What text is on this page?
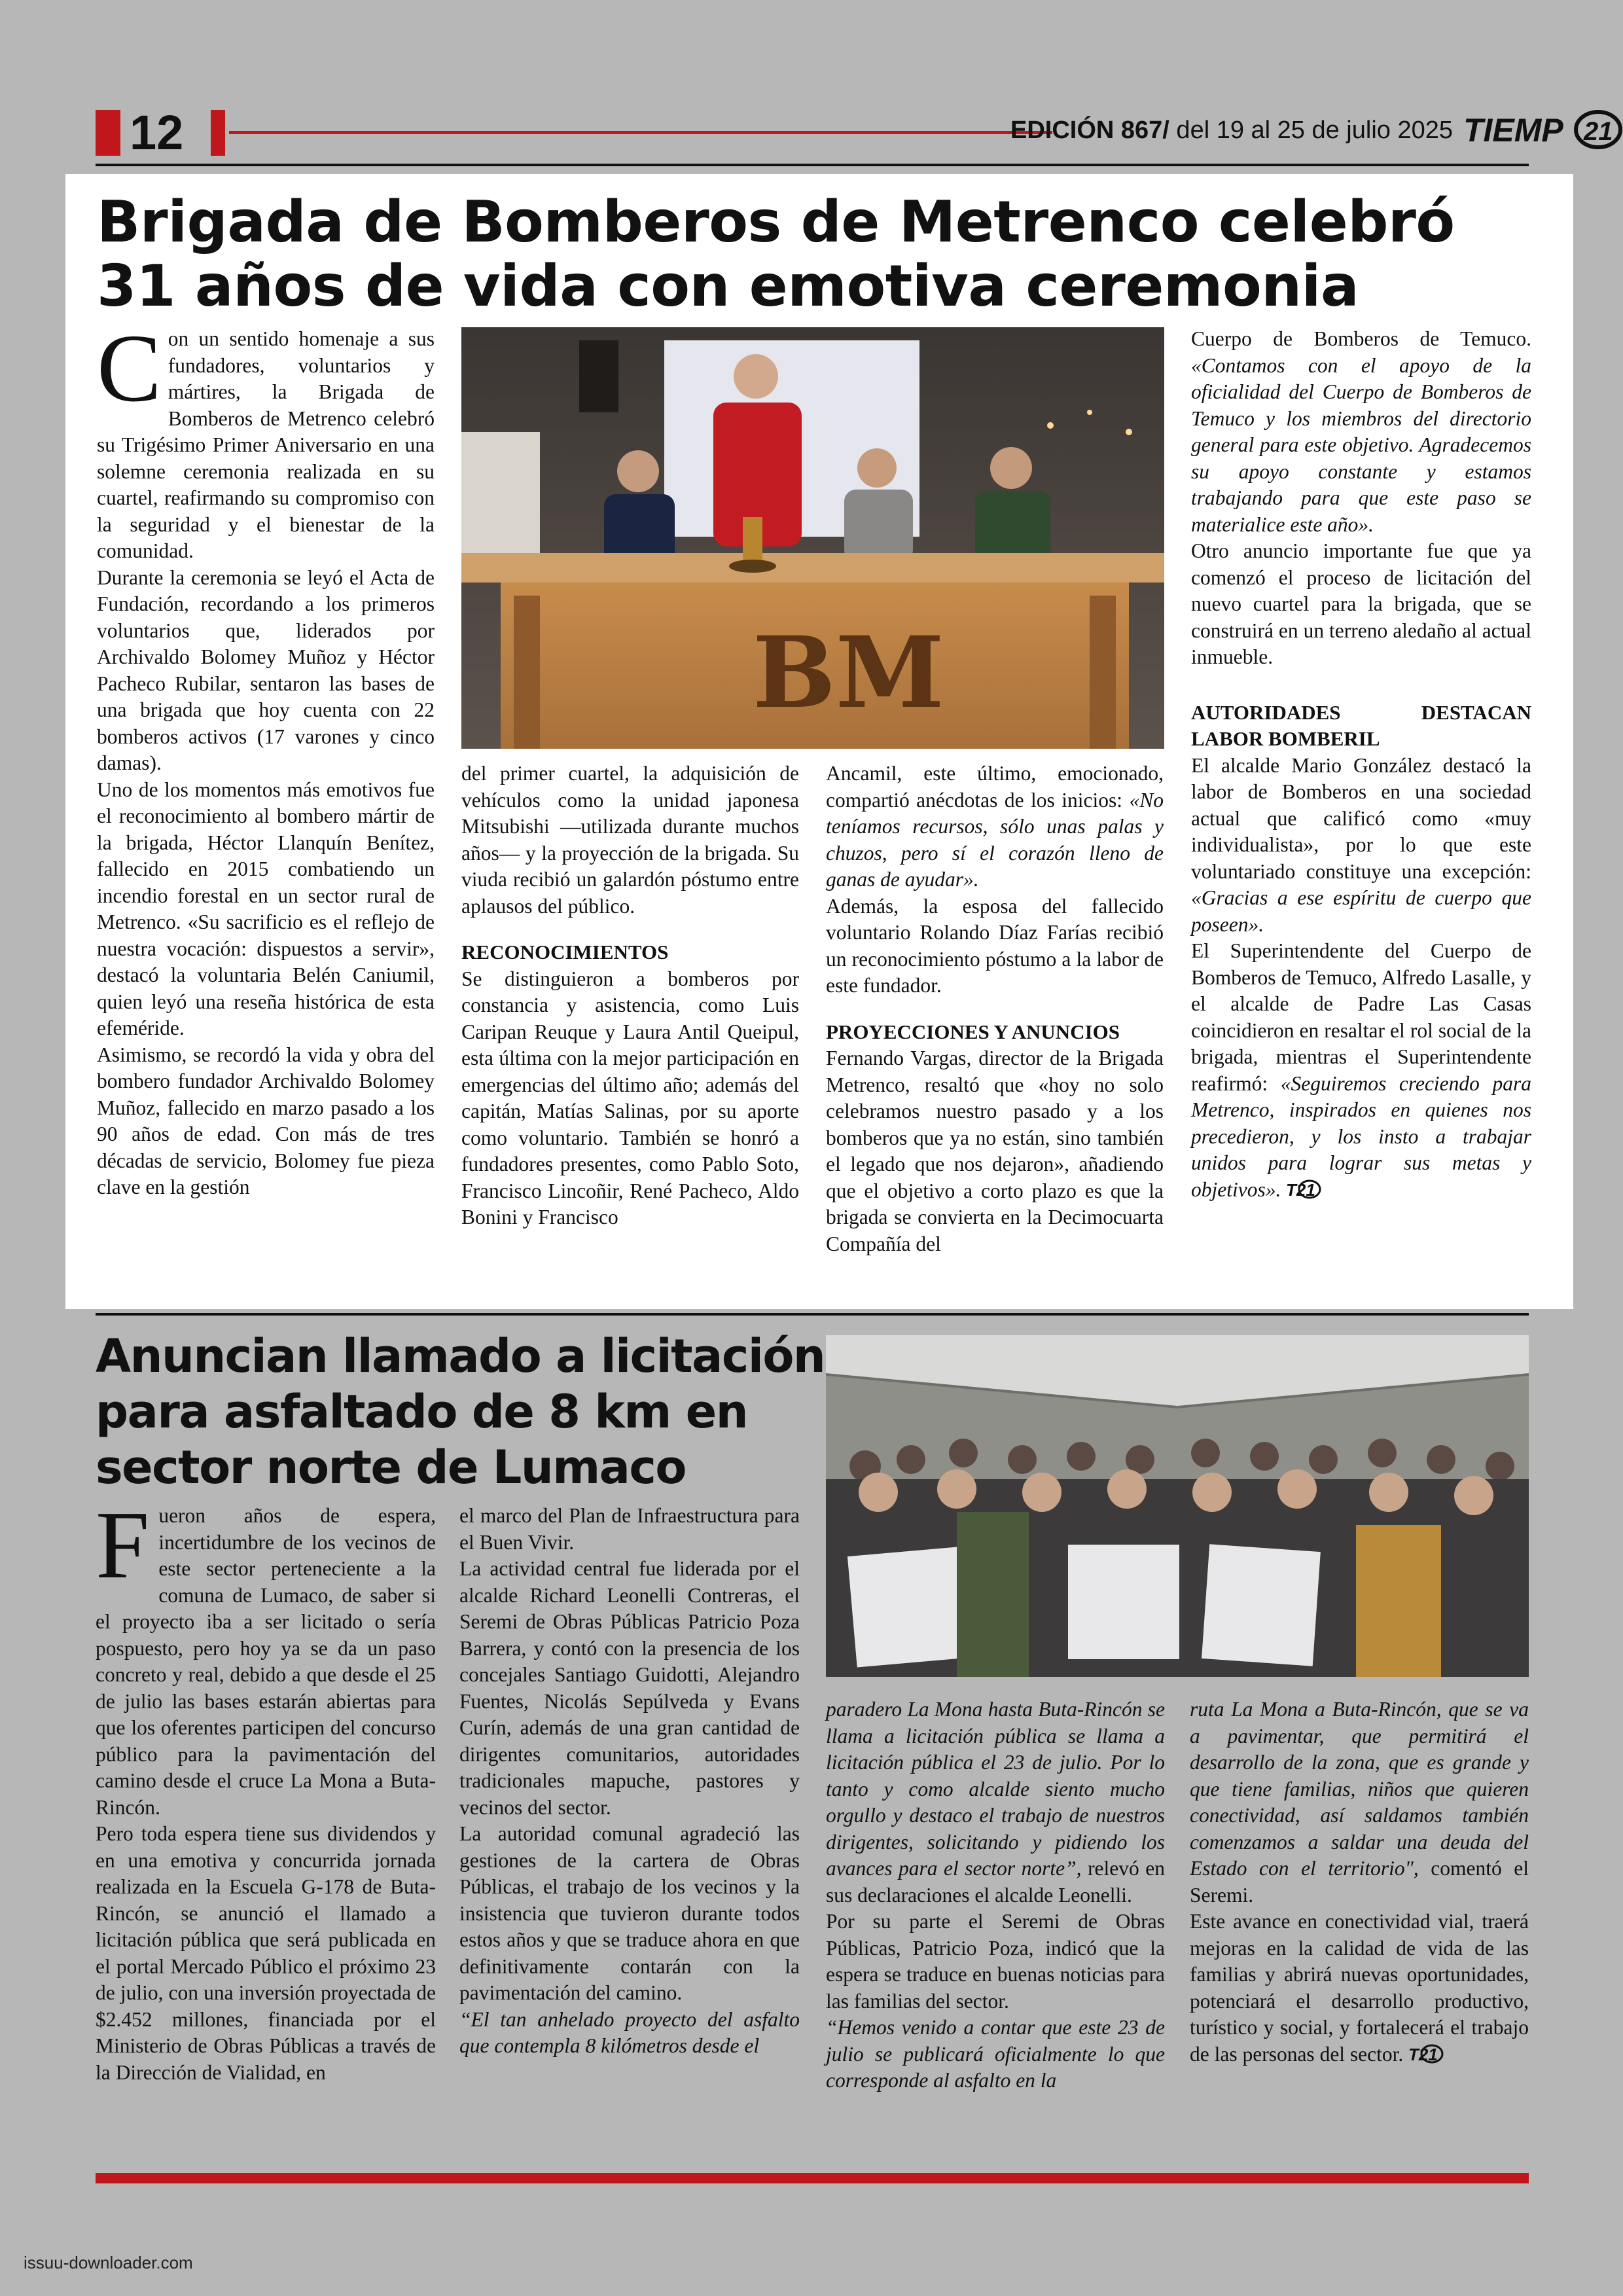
12	EDICIÓN 867/ del 19 al 25 de julio 2025 TIEMP 21
Brigada de Bomberos de Metrenco celebró
31 años de vida con emotiva ceremonia

Con un sentido homenaje a sus fundadores, voluntarios y mártires, la Brigada de Bomberos de Metrenco celebró su Trigésimo Primer Aniversario en una solemne ceremonia realizada en su cuartel, reafirmando su compromiso con la seguridad y el bienestar de la comunidad.

Durante la ceremonia se leyó el Acta de Fundación, recordando a los primeros voluntarios que, liderados por Archivaldo Bolomey Muñoz y Héctor Pacheco Rubilar, sentaron las bases de una brigada que hoy cuenta con 22 bomberos activos (17 varones y cinco damas).

Uno de los momentos más emotivos fue el reconocimiento al bombero mártir de la brigada, Héctor Llanquín Benítez, fallecido en 2015 combatiendo un incendio forestal en un sector rural de Metrenco. «Su sacrificio es el reflejo de nuestra vocación: dispuestos a servir», destacó la voluntaria Belén Caniumil, quien leyó una reseña histórica de esta efeméride.

Asimismo, se recordó la vida y obra del bombero fundador Archivaldo Bolomey Muñoz, fallecido en marzo pasado a los 90 años de edad. Con más de tres décadas de servicio, Bolomey fue pieza clave en la gestión

BM

del primer cuartel, la adquisición de vehículos como la unidad japonesa Mitsubishi —utilizada durante muchos años— y la proyección de la brigada. Su viuda recibió un galardón póstumo entre aplausos del público.

RECONOCIMIENTOS

Se distinguieron a bomberos por constancia y asistencia, como Luis Caripan Reuque y Laura Antil Queipul, esta última con la mejor participación en emergencias del último año; además del capitán, Matías Salinas, por su aporte como voluntario. También se honró a fundadores presentes, como Pablo Soto, Francisco Lincoñir, René Pacheco, Aldo Bonini y Francisco

Ancamil, este último, emocionado, compartió anécdotas de los inicios: «No teníamos recursos, sólo unas palas y chuzos, pero sí el corazón lleno de ganas de ayudar».

Además, la esposa del fallecido voluntario Rolando Díaz Farías recibió un reconocimiento póstumo a la labor de este fundador.

PROYECCIONES Y ANUNCIOS

Fernando Vargas, director de la Brigada Metrenco, resaltó que «hoy no solo celebramos nuestro pasado y a los bomberos que ya no están, sino también el legado que nos dejaron», añadiendo que el objetivo a corto plazo es que la brigada se convierta en la Decimocuarta Compañía del

Cuerpo de Bomberos de Temuco. «Contamos con el apoyo de la oficialidad del Cuerpo de Bomberos de Temuco y los miembros del directorio general para este objetivo. Agradecemos su apoyo constante y estamos trabajando para que este paso se materialice este año».

Otro anuncio importante fue que ya comenzó el proceso de licitación del nuevo cuartel para la brigada, que se construirá en un terreno aledaño al actual inmueble.

AUTORIDADES DESTACAN LABOR BOMBERIL

El alcalde Mario González destacó la labor de Bomberos en una sociedad actual que calificó como «muy individualista», por lo que este voluntariado constituye una excepción: «Gracias a ese espíritu de cuerpo que poseen».

El Superintendente del Cuerpo de Bomberos de Temuco, Alfredo Lasalle, y el alcalde de Padre Las Casas coincidieron en resaltar el rol social de la brigada, mientras el Superintendente reafirmó: «Seguiremos creciendo para Metrenco, inspirados en quienes nos precedieron, y los insto a trabajar unidos para lograr sus metas y objetivos». T21

Anuncian llamado a licitación para asfaltado de 8 km en sector norte de Lumaco

Fueron años de espera, incertidumbre de los vecinos de este sector perteneciente a la comuna de Lumaco, de saber si el proyecto iba a ser licitado o sería pospuesto, pero hoy ya se da un paso concreto y real, debido a que desde el 25 de julio las bases estarán abiertas para que los oferentes participen del concurso público para la pavimentación del camino desde el cruce La Mona a Buta-Rincón.

Pero toda espera tiene sus dividendos y en una emotiva y concurrida jornada realizada en la Escuela G-178 de Buta-Rincón, se anunció el llamado a licitación pública que será publicada en el portal Mercado Público el próximo 23 de julio, con una inversión proyectada de $2.452 millones, financiada por el Ministerio de Obras Públicas a través de la Dirección de Vialidad, en

el marco del Plan de Infraestructura para el Buen Vivir.

La actividad central fue liderada por el alcalde Richard Leonelli Contreras, el Seremi de Obras Públicas Patricio Poza Barrera, y contó con la presencia de los concejales Santiago Guidotti, Alejandro Fuentes, Nicolás Sepúlveda y Evans Curín, además de una gran cantidad de dirigentes comunitarios, autoridades tradicionales mapuche, pastores y vecinos del sector.

La autoridad comunal agradeció las gestiones de la cartera de Obras Públicas, el trabajo de los vecinos y la insistencia que tuvieron durante todos estos años y que se traduce ahora en que definitivamente contarán con la pavimentación del camino.

“El tan anhelado proyecto del asfalto que contempla 8 kilómetros desde el

paradero La Mona hasta Buta-Rincón se llama a licitación pública se llama a licitación pública el 23 de julio. Por lo tanto y como alcalde siento mucho orgullo y destaco el trabajo de nuestros dirigentes, solicitando y pidiendo los avances para el sector norte”, relevó en sus declaraciones el alcalde Leonelli.

Por su parte el Seremi de Obras Públicas, Patricio Poza, indicó que la espera se traduce en buenas noticias para las familias del sector.

“Hemos venido a contar que este 23 de julio se publicará oficialmente lo que corresponde al asfalto en la

ruta La Mona a Buta-Rincón, que se va a pavimentar, que permitirá el desarrollo de la zona, que es grande y que tiene familias, niños que quieren conectividad, así saldamos también comenzamos a saldar una deuda del Estado con el territorio", comentó el Seremi.

Este avance en conectividad vial, traerá mejoras en la calidad de vida de las familias y abrirá nuevas oportunidades, potenciará el desarrollo productivo, turístico y social, y fortalecerá el trabajo de las personas del sector. T21

issuu-downloader.com
